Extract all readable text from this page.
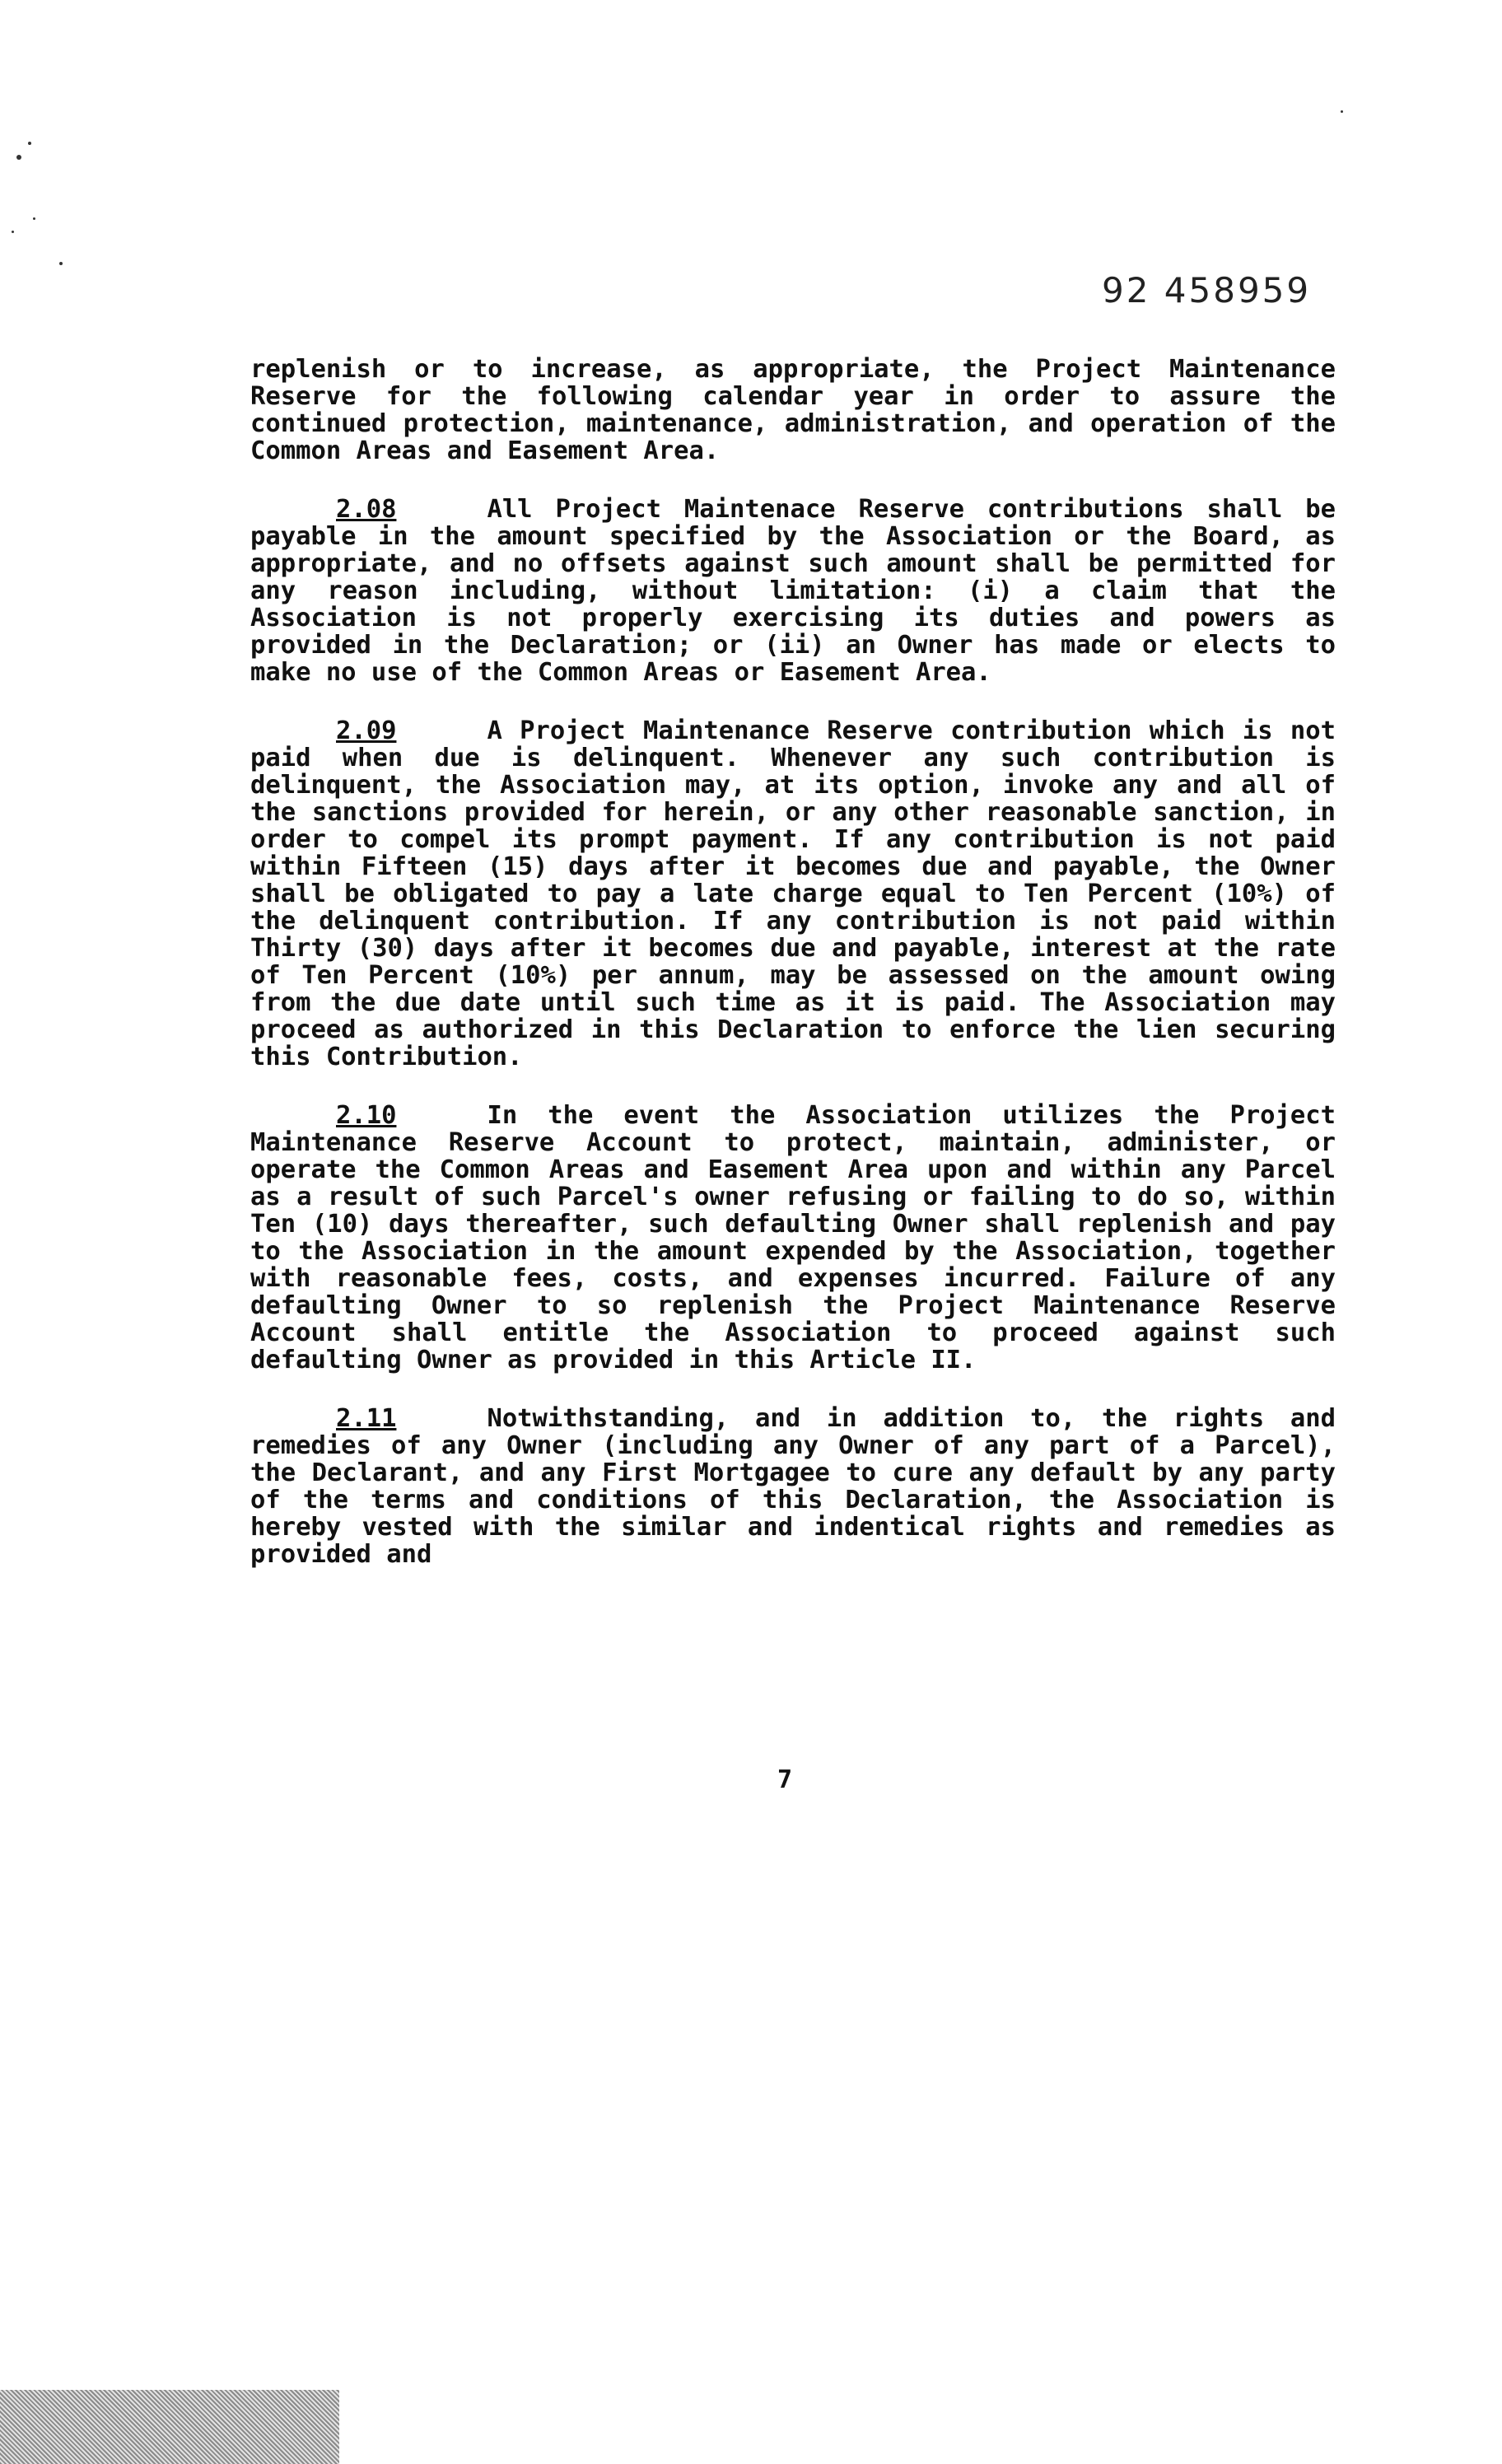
92 458959

replenish or to increase, as appropriate, the Project Maintenance Reserve for the following calendar year in order to assure the continued protection, maintenance, administration, and operation of the Common Areas and Easement Area.

2.08	All Project Maintenace Reserve contributions shall be payable in the amount specified by the Association or the Board, as appropriate, and no offsets against such amount shall be permitted for any reason including, without limitation: (i) a claim that the Association is not properly exercising its duties and powers as provided in the Declaration; or (ii) an Owner has made or elects to make no use of the Common Areas or Easement Area.

2.09	A Project Maintenance Reserve contribution which is not paid when due is delinquent. Whenever any such contribution is delinquent, the Association may, at its option, invoke any and all of the sanctions provided for herein, or any other reasonable sanction, in order to compel its prompt payment. If any contribution is not paid within Fifteen (15) days after it becomes due and payable, the Owner shall be obligated to pay a late charge equal to Ten Percent (10%) of the delinquent contribution. If any contribution is not paid within Thirty (30) days after it becomes due and payable, interest at the rate of Ten Percent (10%) per annum, may be assessed on the amount owing from the due date until such time as it is paid. The Association may proceed as authorized in this Declaration to enforce the lien securing this Contribution.

2.10	In the event the Association utilizes the Project Maintenance Reserve Account to protect, maintain, administer, or operate the Common Areas and Easement Area upon and within any Parcel as a result of such Parcel's owner refusing or failing to do so, within Ten (10) days thereafter, such defaulting Owner shall replenish and pay to the Association in the amount expended by the Association, together with reasonable fees, costs, and expenses incurred. Failure of any defaulting Owner to so replenish the Project Maintenance Reserve Account shall entitle the Association to proceed against such defaulting Owner as provided in this Article II.

2.11	Notwithstanding, and in addition to, the rights and remedies of any Owner (including any Owner of any part of a Parcel), the Declarant, and any First Mortgagee to cure any default by any party of the terms and conditions of this Declaration, the Association is hereby vested with the similar and indentical rights and remedies as provided and

7
